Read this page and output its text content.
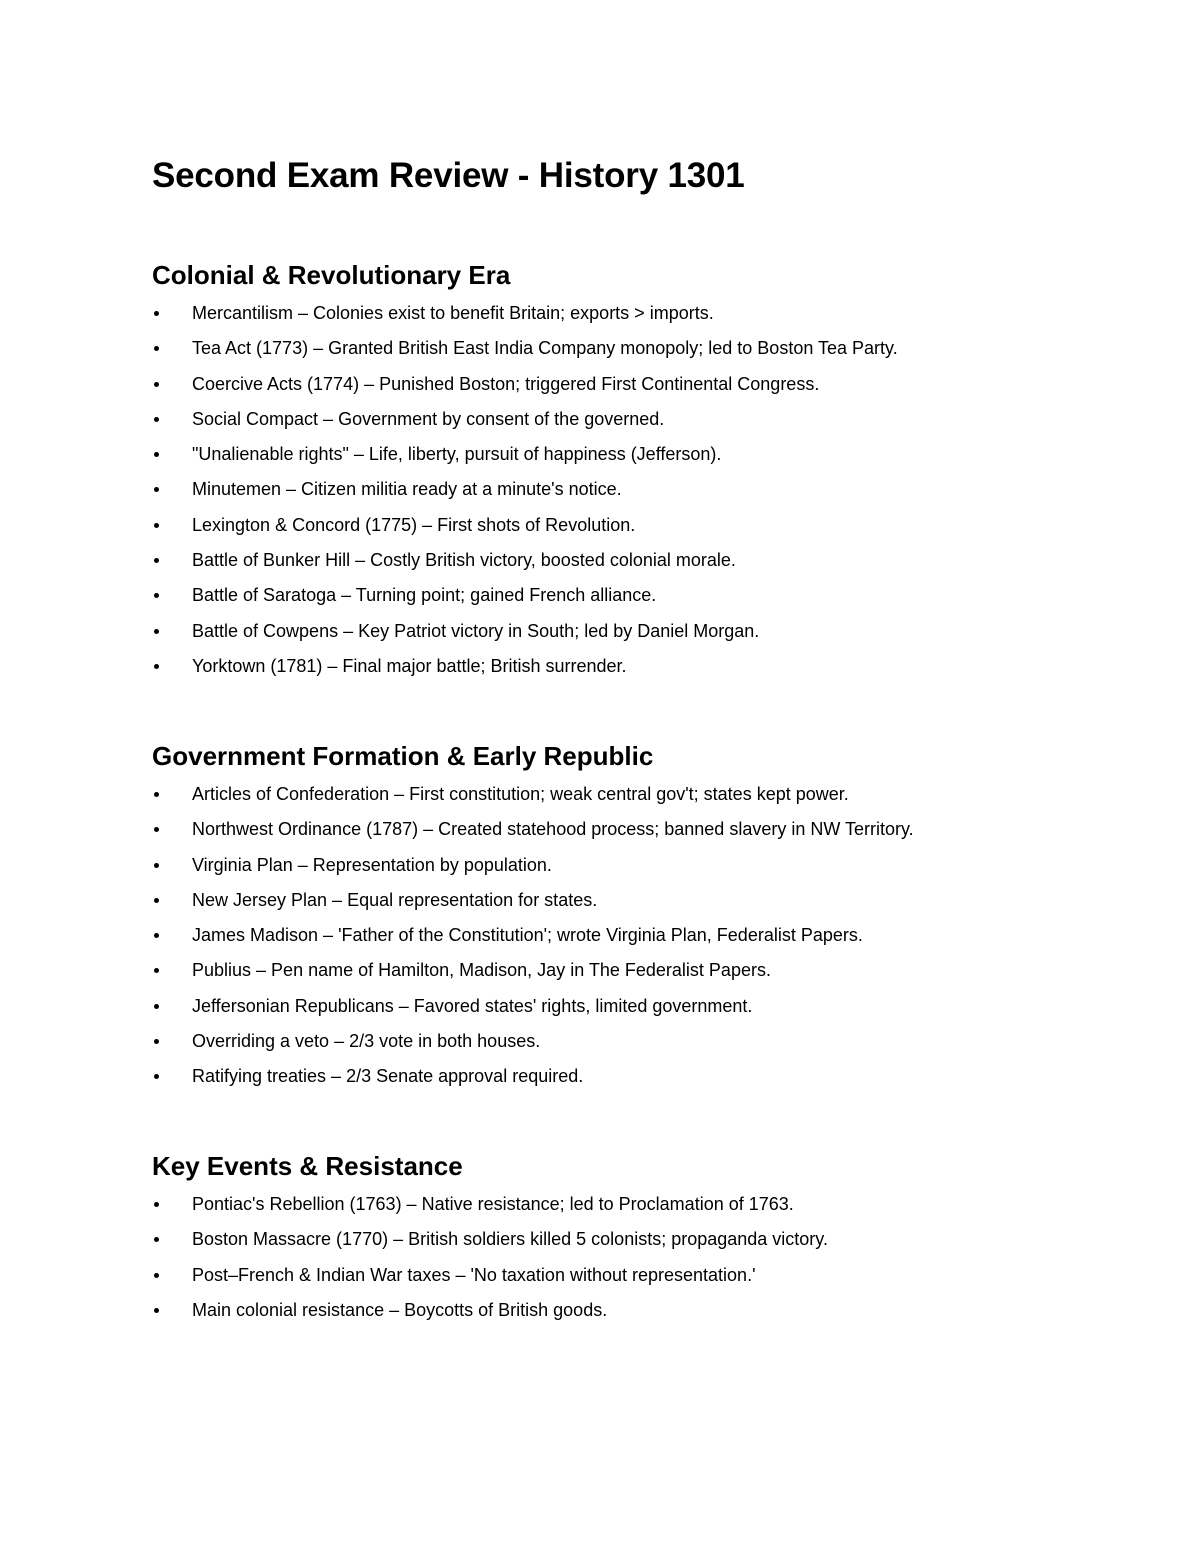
Second Exam Review - History 1301
Colonial & Revolutionary Era
Mercantilism – Colonies exist to benefit Britain; exports > imports.
Tea Act (1773) – Granted British East India Company monopoly; led to Boston Tea Party.
Coercive Acts (1774) – Punished Boston; triggered First Continental Congress.
Social Compact – Government by consent of the governed.
"Unalienable rights" – Life, liberty, pursuit of happiness (Jefferson).
Minutemen – Citizen militia ready at a minute's notice.
Lexington & Concord (1775) – First shots of Revolution.
Battle of Bunker Hill – Costly British victory, boosted colonial morale.
Battle of Saratoga – Turning point; gained French alliance.
Battle of Cowpens – Key Patriot victory in South; led by Daniel Morgan.
Yorktown (1781) – Final major battle; British surrender.
Government Formation & Early Republic
Articles of Confederation – First constitution; weak central gov't; states kept power.
Northwest Ordinance (1787) – Created statehood process; banned slavery in NW Territory.
Virginia Plan – Representation by population.
New Jersey Plan – Equal representation for states.
James Madison – 'Father of the Constitution'; wrote Virginia Plan, Federalist Papers.
Publius – Pen name of Hamilton, Madison, Jay in The Federalist Papers.
Jeffersonian Republicans – Favored states' rights, limited government.
Overriding a veto – 2/3 vote in both houses.
Ratifying treaties – 2/3 Senate approval required.
Key Events & Resistance
Pontiac's Rebellion (1763) – Native resistance; led to Proclamation of 1763.
Boston Massacre (1770) – British soldiers killed 5 colonists; propaganda victory.
Post–French & Indian War taxes – 'No taxation without representation.'
Main colonial resistance – Boycotts of British goods.
